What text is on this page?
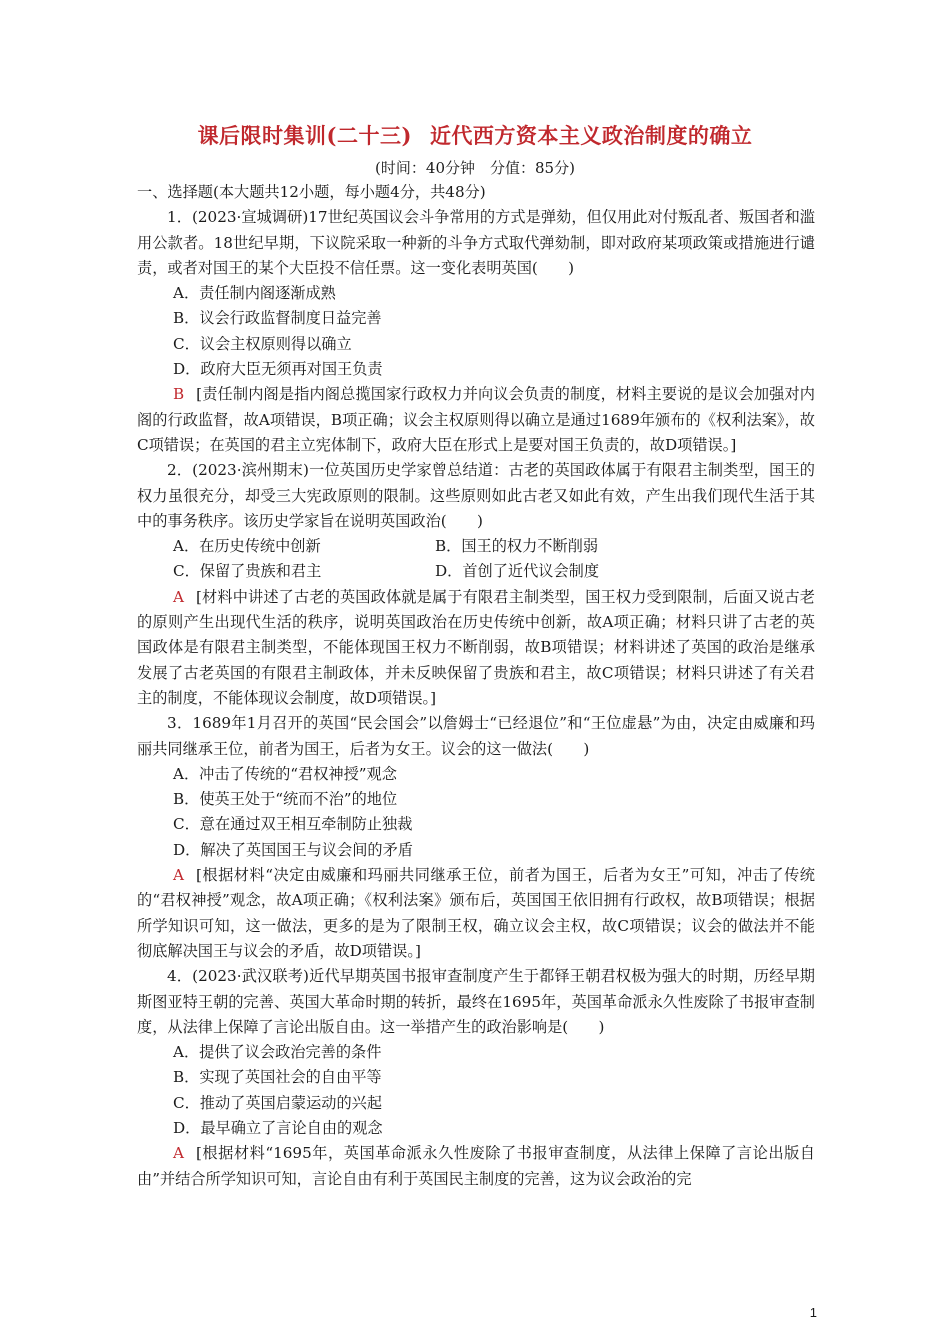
课后限时集训(二十三) 近代西方资本主义政治制度的确立
(时间：40分钟　分值：85分)

一、选择题(本大题共12小题，每小题4分，共48分)

1．(2023·宣城调研)17世纪英国议会斗争常用的方式是弹劾，但仅用此对付叛乱者、叛国者和滥用公款者。18世纪早期，下议院采取一种新的斗争方式取代弹劾制，即对政府某项政策或措施进行谴责，或者对国王的某个大臣投不信任票。这一变化表明英国(　　)

A．责任制内阁逐渐成熟

B．议会行政监督制度日益完善

C．议会主权原则得以确立

D．政府大臣无须再对国王负责

B [责任制内阁是指内阁总揽国家行政权力并向议会负责的制度，材料主要说的是议会加强对内阁的行政监督，故A项错误，B项正确；议会主权原则得以确立是通过1689年颁布的《权利法案》，故C项错误；在英国的君主立宪体制下，政府大臣在形式上是要对国王负责的，故D项错误。]

2．(2023·滨州期末)一位英国历史学家曾总结道：古老的英国政体属于有限君主制类型，国王的权力虽很充分，却受三大宪政原则的限制。这些原则如此古老又如此有效，产生出我们现代生活于其中的事务秩序。该历史学家旨在说明英国政治(　　)

A．在历史传统中创新	B．国王的权力不断削弱

C．保留了贵族和君主	D．首创了近代议会制度

A [材料中讲述了古老的英国政体就是属于有限君主制类型，国王权力受到限制，后面又说古老的原则产生出现代生活的秩序，说明英国政治在历史传统中创新，故A项正确；材料只讲了古老的英国政体是有限君主制类型，不能体现国王权力不断削弱，故B项错误；材料讲述了英国的政治是继承发展了古老英国的有限君主制政体，并未反映保留了贵族和君主，故C项错误；材料只讲述了有关君主的制度，不能体现议会制度，故D项错误。]

3．1689年1月召开的英国“民会国会”以詹姆士“已经退位”和“王位虚悬”为由，决定由威廉和玛丽共同继承王位，前者为国王，后者为女王。议会的这一做法(　　)

A．冲击了传统的“君权神授”观念

B．使英王处于“统而不治”的地位

C．意在通过双王相互牵制防止独裁

D．解决了英国国王与议会间的矛盾

A [根据材料“决定由威廉和玛丽共同继承王位，前者为国王，后者为女王”可知，冲击了传统的“君权神授”观念，故A项正确；《权利法案》颁布后，英国国王依旧拥有行政权，故B项错误；根据所学知识可知，这一做法，更多的是为了限制王权，确立议会主权，故C项错误；议会的做法并不能彻底解决国王与议会的矛盾，故D项错误。]

4．(2023·武汉联考)近代早期英国书报审查制度产生于都铎王朝君权极为强大的时期，历经早期斯图亚特王朝的完善、英国大革命时期的转折，最终在1695年，英国革命派永久性废除了书报审查制度，从法律上保障了言论出版自由。这一举措产生的政治影响是(　　)

A．提供了议会政治完善的条件

B．实现了英国社会的自由平等

C．推动了英国启蒙运动的兴起

D．最早确立了言论自由的观念

A [根据材料“1695年，英国革命派永久性废除了书报审查制度，从法律上保障了言论出版自由”并结合所学知识可知，言论自由有利于英国民主制度的完善，这为议会政治的完

1
